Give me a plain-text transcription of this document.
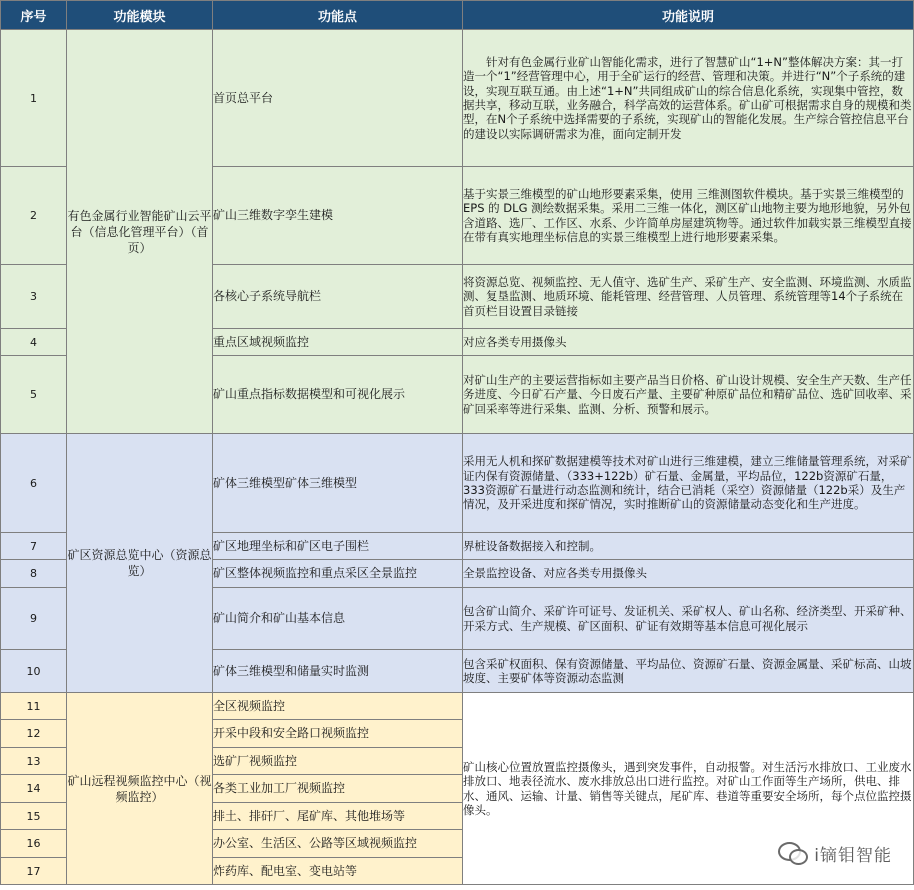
序号	功能模块	功能点	功能说明
1	有色金属行业智能矿山云平台（信息化管理平台）（首页）	首页总平台	针对有色金属行业矿山智能化需求，进行了智慧矿山“1+N”整体解决方案：其一打造一个“1”经营管理中心，用于全矿运行的经营、管理和决策。并进行“N”个子系统的建设，实现互联互通。由上述“1+N”共同组成矿山的综合信息化系统，实现集中管控，数据共享，移动互联，业务融合，科学高效的运营体系。矿山矿可根据需求自身的规模和类型，在N个子系统中选择需要的子系统，实现矿山的智能化发展。生产综合管控信息平台的建设以实际调研需求为准，面向定制开发
2		矿山三维数字孪生建模	基于实景三维模型的矿山地形要素采集，使用 三维测图软件模块。基于实景三维模型的 EPS 的 DLG 测绘数据采集。采用二三维一体化，测区矿山地物主要为地形地貌，另外包含道路、选厂、工作区、水系、少许简单房屋建筑物等。通过软件加载实景三维模型直接在带有真实地理坐标信息的实景三维模型上进行地形要素采集。
3		各核心子系统导航栏	将资源总览、视频监控、无人值守、选矿生产、采矿生产、安全监测、环境监测、水质监测、复垦监测、地质环境、能耗管理、经营管理、人员管理、系统管理等14个子系统在首页栏目设置目录链接
4		重点区域视频监控	对应各类专用摄像头
5		矿山重点指标数据模型和可视化展示	对矿山生产的主要运营指标如主要产品当日价格、矿山设计规模、安全生产天数、生产任务进度、今日矿石产量、今日废石产量、主要矿种原矿品位和精矿品位、选矿回收率、采矿回采率等进行采集、监测、分析、预警和展示。
6	矿区资源总览中心（资源总览）	矿体三维模型矿体三维模型	采用无人机和探矿数据建模等技术对矿山进行三维建模，建立三维储量管理系统，对采矿证内保有资源储量、（333+122b）矿石量、金属量，平均品位，122b资源矿石量，333资源矿石量进行动态监测和统计，结合已消耗（采空）资源储量（122b采）及生产情况，及开采进度和探矿情况，实时推断矿山的资源储量动态变化和生产进度。
7		矿区地理坐标和矿区电子围栏	界桩设备数据接入和控制。
8		矿区整体视频监控和重点采区全景监控	全景监控设备、对应各类专用摄像头
9		矿山简介和矿山基本信息	包含矿山简介、采矿许可证号、发证机关、采矿权人、矿山名称、经济类型、开采矿种、开采方式、生产规模、矿区面积、矿证有效期等基本信息可视化展示
10		矿体三维模型和储量实时监测	包含采矿权面积、保有资源储量、平均品位、资源矿石量、资源金属量、采矿标高、山坡坡度、主要矿体等资源动态监测
11	矿山远程视频监控中心（视频监控）	全区视频监控	矿山核心位置放置监控摄像头，遇到突发事件，自动报警。对生活污水排放口、工业废水排放口、地表径流水、废水排放总出口进行监控。对矿山工作面等生产场所，供电、排水、通风、运输、计量、销售等关键点，尾矿库、巷道等重要安全场所，每个点位监控摄像头。
12		开采中段和安全路口视频监控	
13		选矿厂视频监控	
14		各类工业加工厂视频监控	
15		排土、排矸厂、尾矿库、其他堆场等	
16		办公室、生活区、公路等区域视频监控	
17		炸药库、配电室、变电站等	
i镝钼智能
